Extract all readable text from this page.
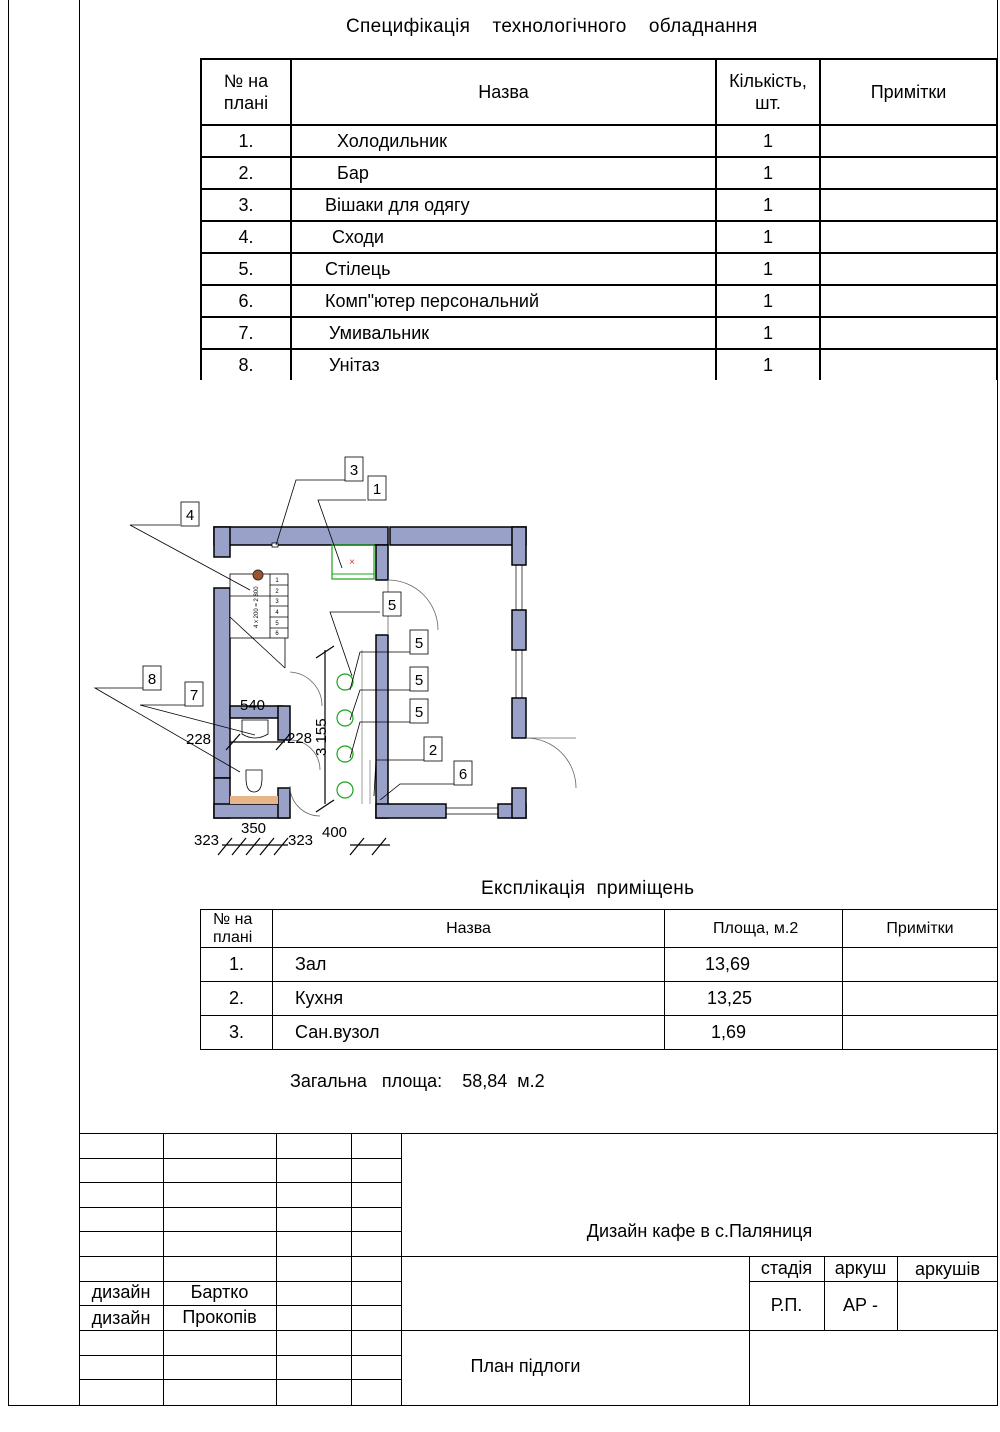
Специфікація    технологічного    обладнання
№ на плані	Назва	Кількість, шт.	Примітки
1.	Холодильник	1	
2.	Бар	1	
3.	Вішаки для одягу	1	
4.	Сходи	1	
5.	Стілець	1	
6.	Комп"ютер персональний	1	
7.	Умивальник	1	
8.	Унітаз	1	
1
2
3
4
5
6
4 x 200 = 2 800
×
3
1
4
5
5
5
5
2
6
7
8
540
228	228
350
323	323 400
3 155
Експлікація  приміщень
№ на плані	Назва	Площа, м.2	Примітки
1.	Зал	13,69	
2.	Кухня	13,25	
3.	Сан.вузол	1,69	
Загальна   площа: 58,84  м.2
Дизайн кафе в с.Паляниця
стадія	аркуш	аркушів
Р.П.	АР -
дизайн	Бартко
дизайн	Прокопів
План підлоги
